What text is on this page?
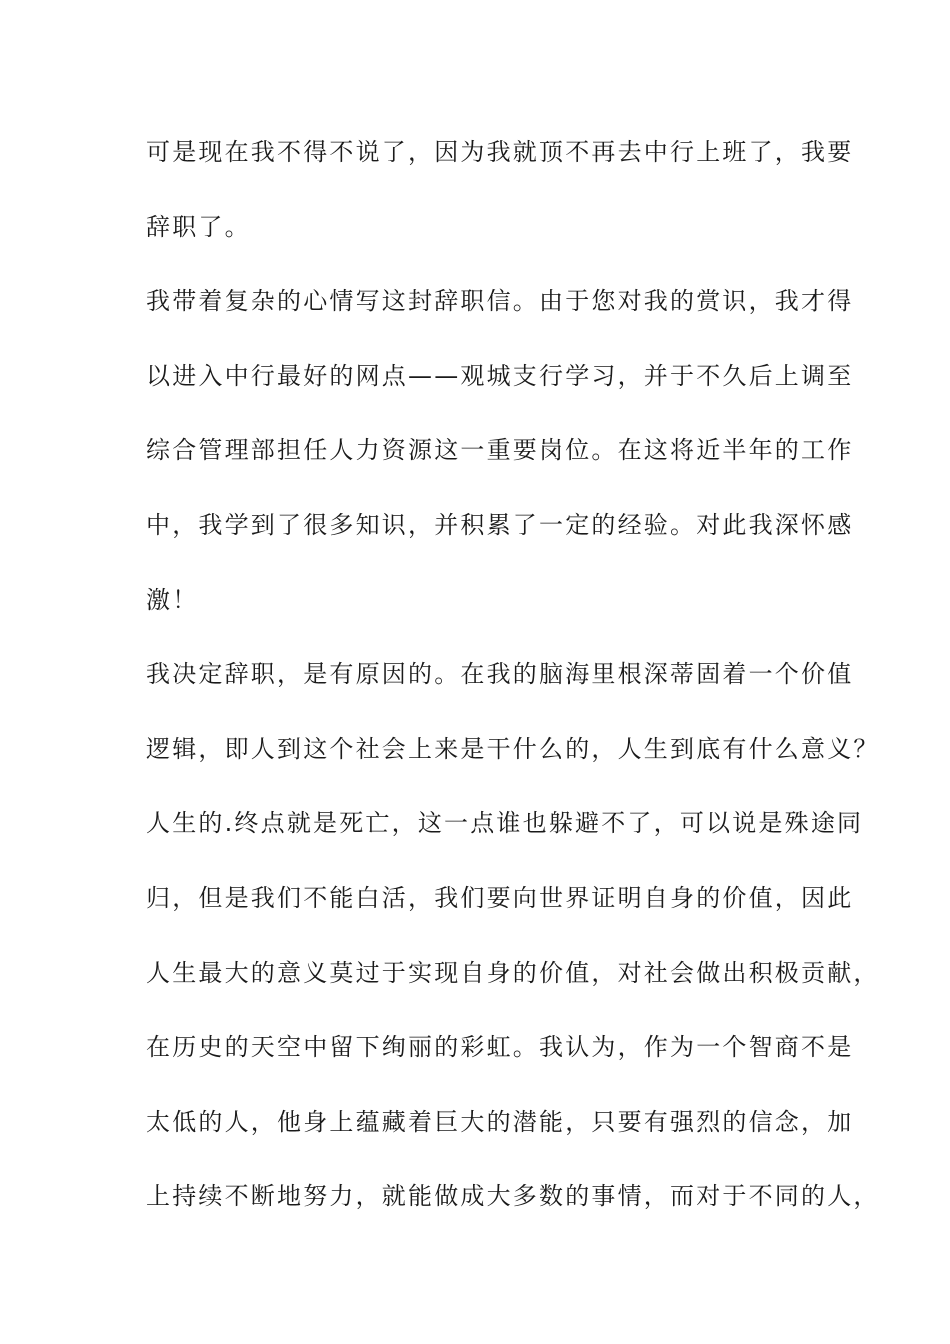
可是现在我不得不说了，因为我就顶不再去中行上班了，我要
辞职了。
我带着复杂的心情写这封辞职信。由于您对我的赏识，我才得
以进入中行最好的网点——观城支行学习，并于不久后上调至
综合管理部担任人力资源这一重要岗位。在这将近半年的工作
中，我学到了很多知识，并积累了一定的经验。对此我深怀感
激！
我决定辞职，是有原因的。在我的脑海里根深蒂固着一个价值
逻辑，即人到这个社会上来是干什么的，人生到底有什么意义？
人生的.终点就是死亡，这一点谁也躲避不了，可以说是殊途同
归，但是我们不能白活，我们要向世界证明自身的价值，因此
人生最大的意义莫过于实现自身的价值，对社会做出积极贡献，
在历史的天空中留下绚丽的彩虹。我认为，作为一个智商不是
太低的人，他身上蕴藏着巨大的潜能，只要有强烈的信念，加
上持续不断地努力，就能做成大多数的事情，而对于不同的人，
